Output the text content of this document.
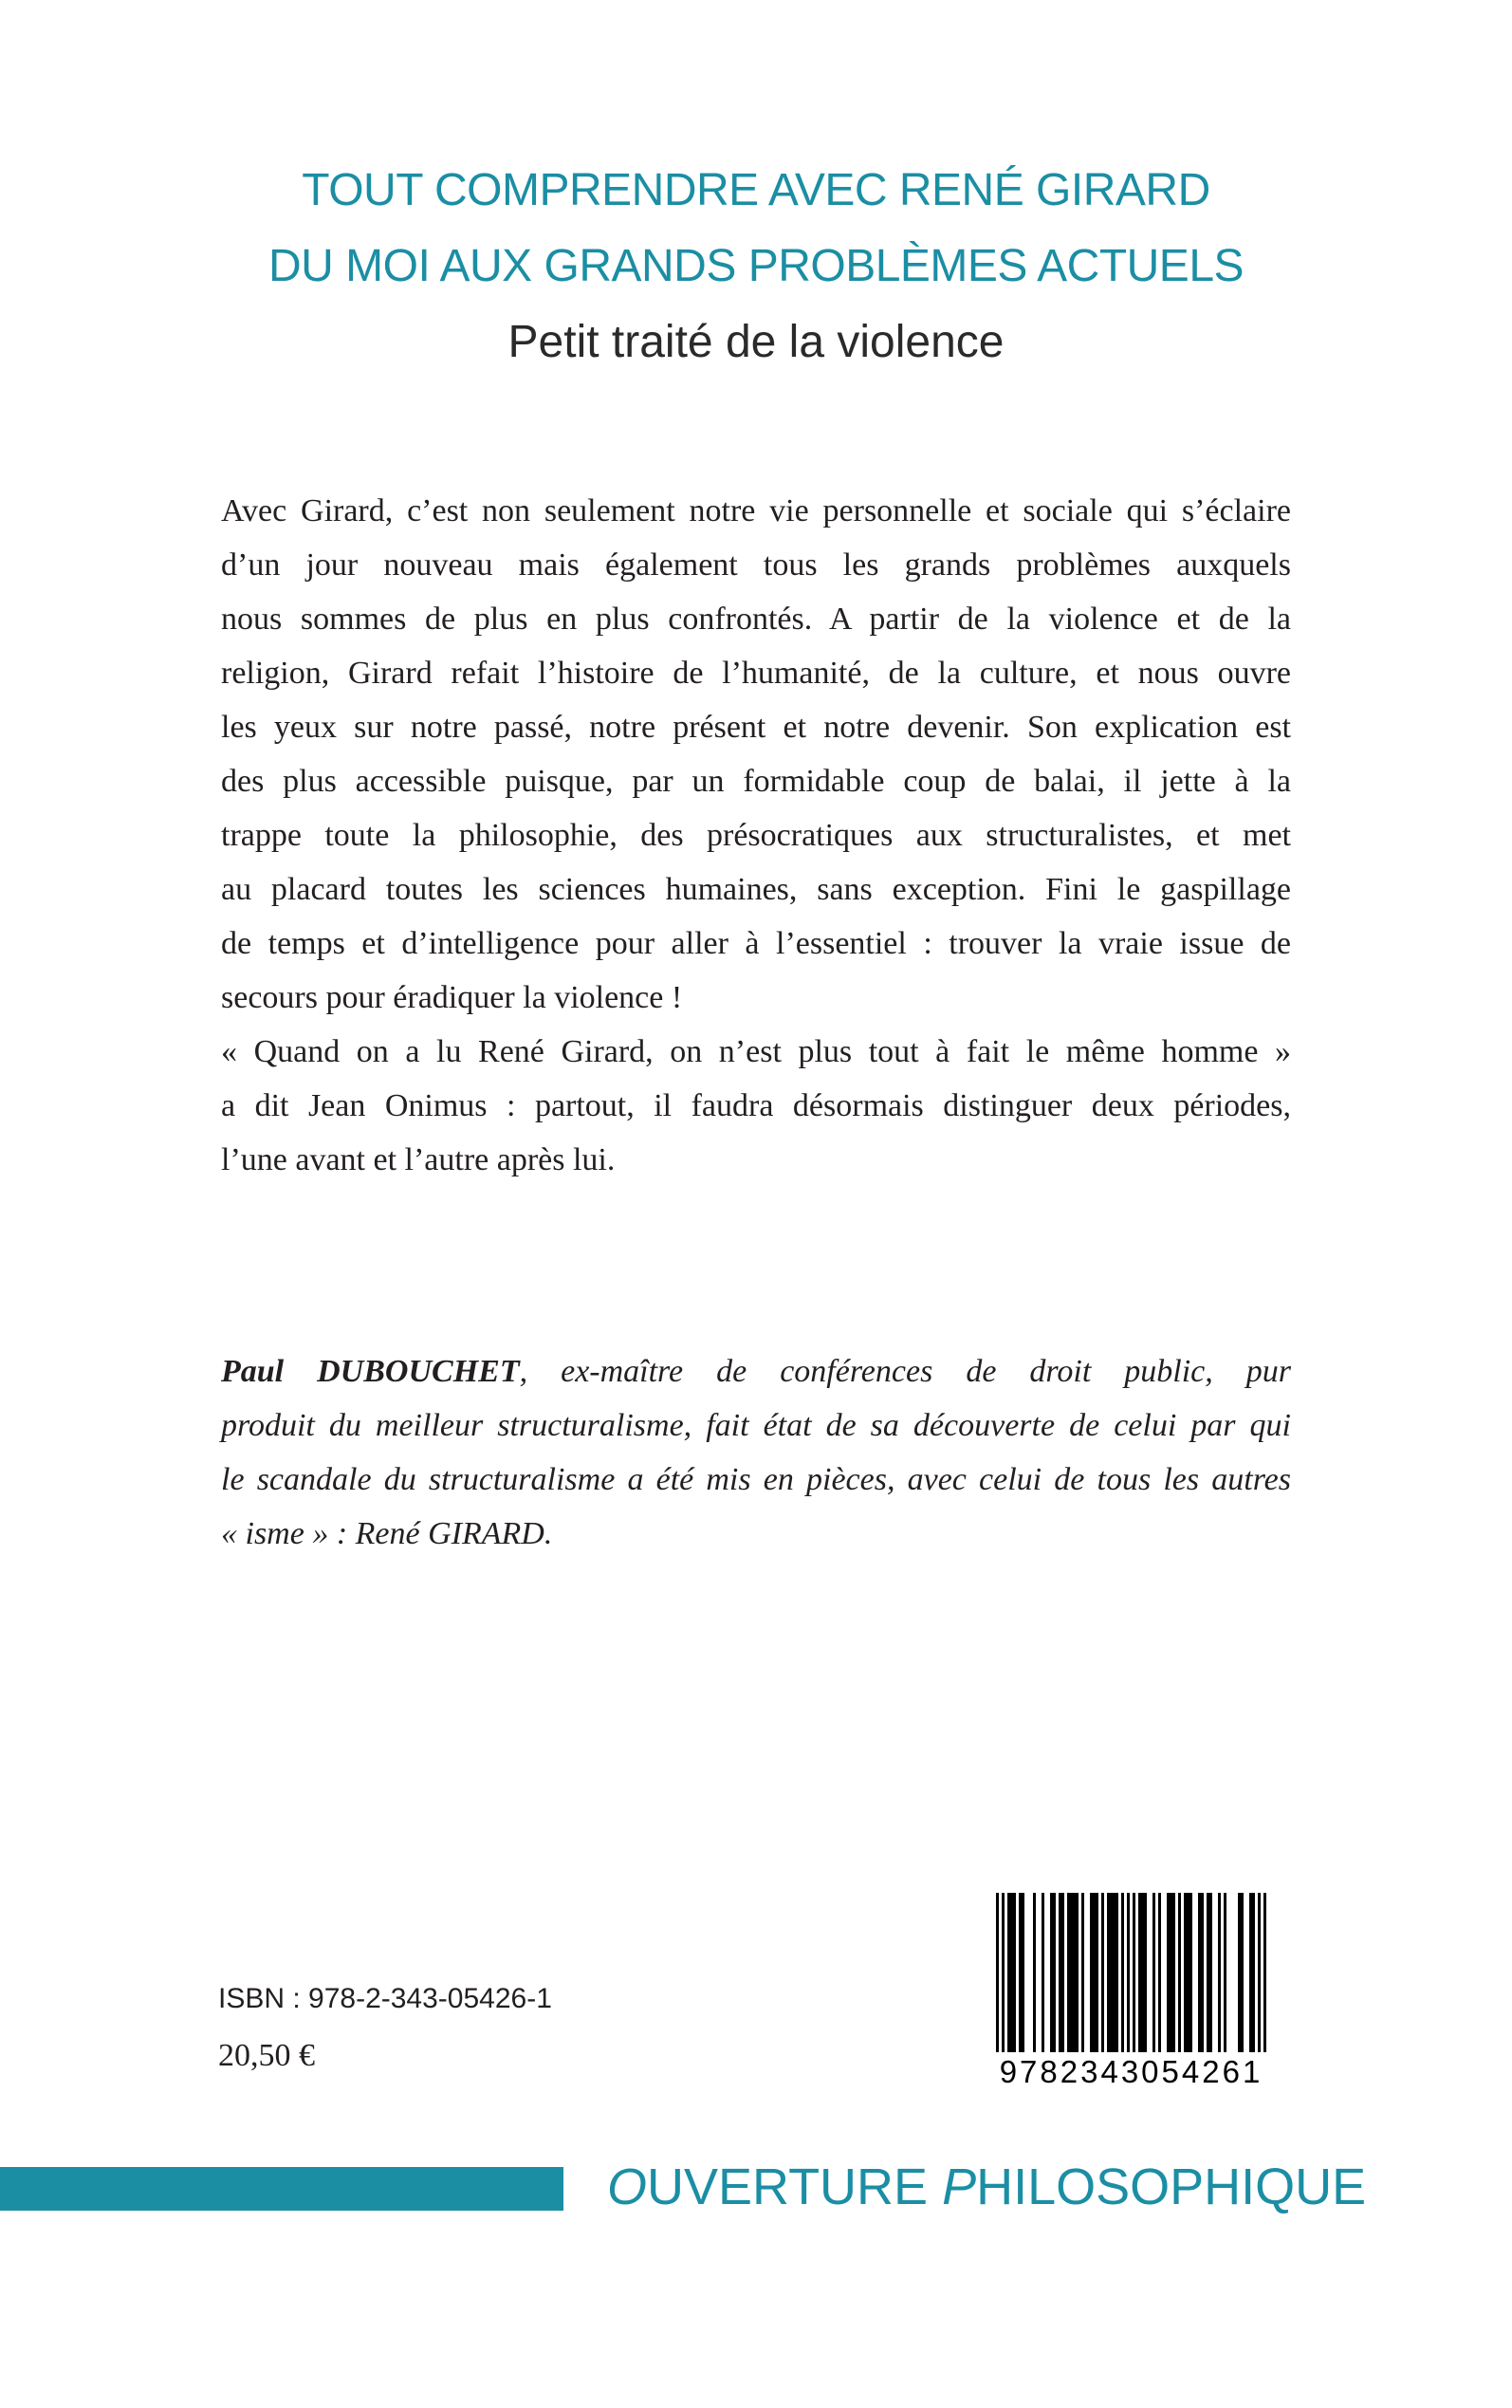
TOUT COMPRENDRE AVEC RENÉ GIRARD
DU MOI AUX GRANDS PROBLÈMES ACTUELS
Petit traité de la violence
Avec Girard, c’est non seulement notre vie personnelle et sociale qui s’éclaire
d’un jour nouveau mais également tous les grands problèmes auxquels
nous sommes de plus en plus confrontés. A partir de la violence et de la
religion, Girard refait l’histoire de l’humanité, de la culture, et nous ouvre
les yeux sur notre passé, notre présent et notre devenir. Son explication est
des plus accessible puisque, par un formidable coup de balai, il jette à la
trappe toute la philosophie, des présocratiques aux structuralistes, et met
au placard toutes les sciences humaines, sans exception. Fini le gaspillage
de temps et d’intelligence pour aller à l’essentiel : trouver la vraie issue de
secours pour éradiquer la violence !
« Quand on a lu René Girard, on n’est plus tout à fait le même homme »
a dit Jean Onimus : partout, il faudra désormais distinguer deux périodes,
l’une avant et l’autre après lui.
Paul DUBOUCHET, ex-maître de conférences de droit public, pur
produit du meilleur structuralisme, fait état de sa découverte de celui par qui
le scandale du structuralisme a été mis en pièces, avec celui de tous les autres
« isme » : René GIRARD.
ISBN : 978-2-343-05426-1
20,50 €	9782343054261
OUVERTURE PHILOSOPHIQUE
